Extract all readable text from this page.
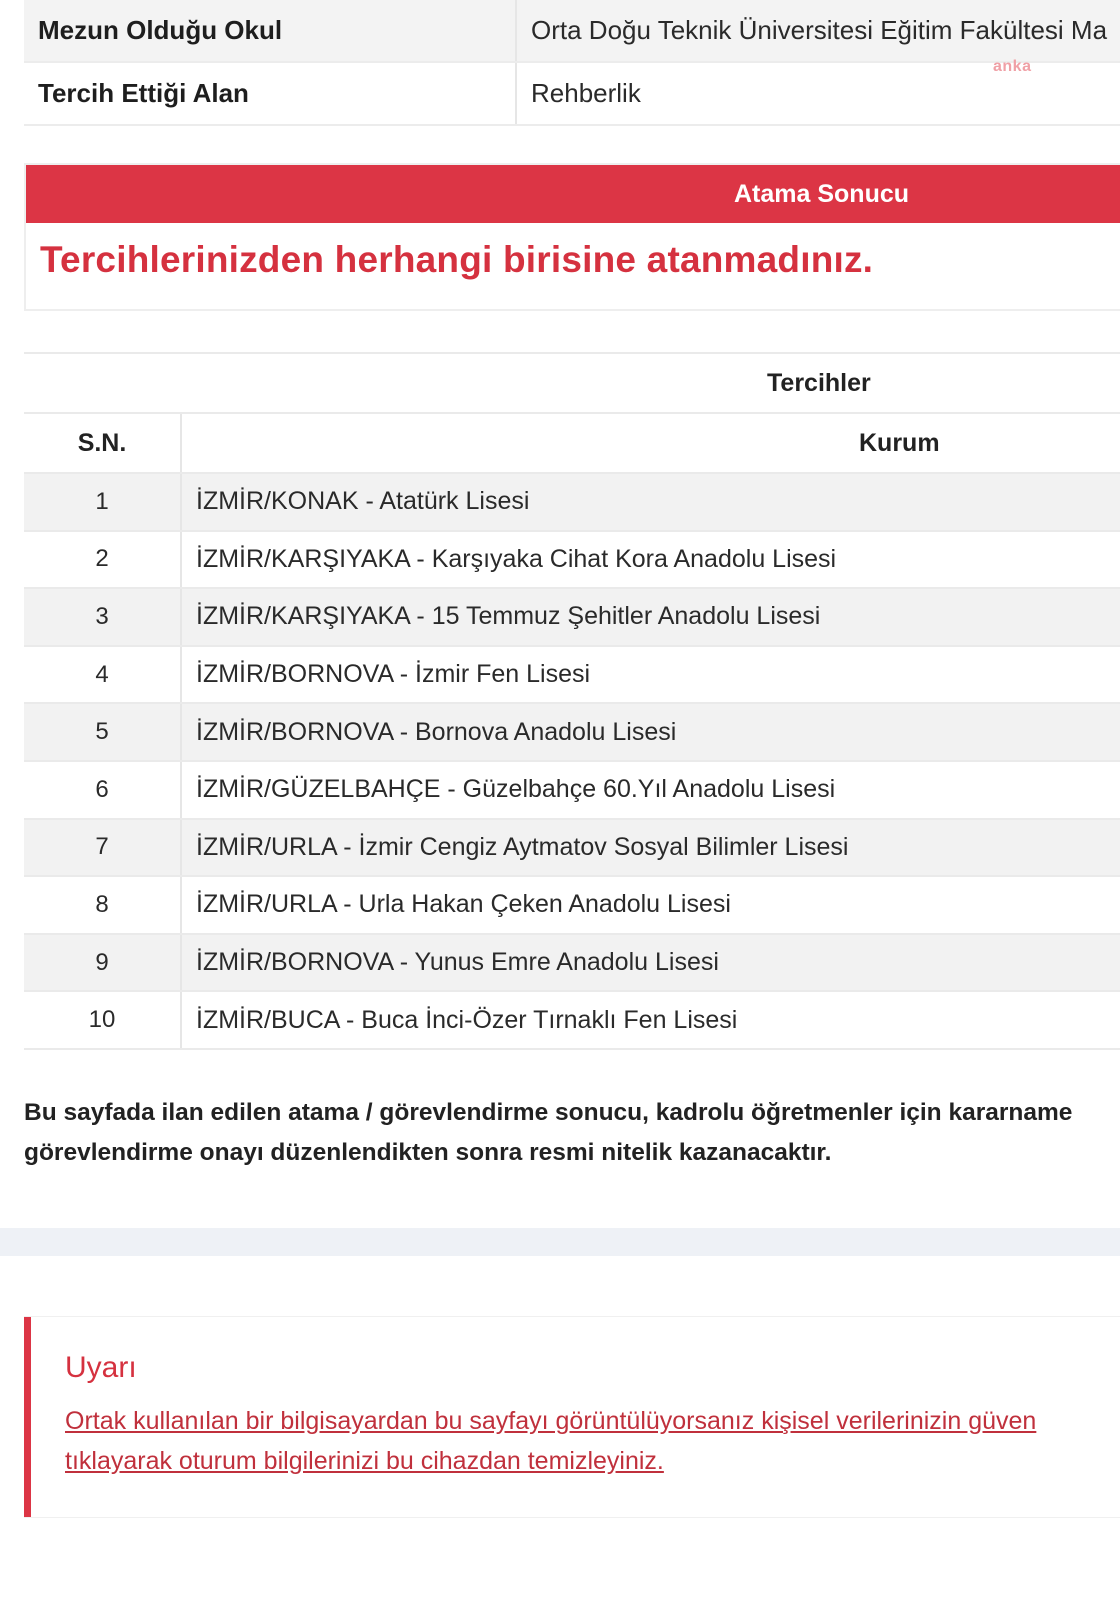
Mezun Olduğu Okul	Orta Doğu Teknik Üniversitesi Eğitim Fakültesi Ma
Tercih Ettiği Alan	Rehberlik
anka
Atama Sonucu
Tercihlerinizden herhangi birisine atanmadınız.
Tercihler
S.N.	Kurum
1	İZMİR/KONAK - Atatürk Lisesi
2	İZMİR/KARŞIYAKA - Karşıyaka Cihat Kora Anadolu Lisesi
3	İZMİR/KARŞIYAKA - 15 Temmuz Şehitler Anadolu Lisesi
4	İZMİR/BORNOVA - İzmir Fen Lisesi
5	İZMİR/BORNOVA - Bornova Anadolu Lisesi
6	İZMİR/GÜZELBAHÇE - Güzelbahçe 60.Yıl Anadolu Lisesi
7	İZMİR/URLA - İzmir Cengiz Aytmatov Sosyal Bilimler Lisesi
8	İZMİR/URLA - Urla Hakan Çeken Anadolu Lisesi
9	İZMİR/BORNOVA - Yunus Emre Anadolu Lisesi
10	İZMİR/BUCA - Buca İnci-Özer Tırnaklı Fen Lisesi
Bu sayfada ilan edilen atama / görevlendirme sonucu, kadrolu öğretmenler için kararname
görevlendirme onayı düzenlendikten sonra resmi nitelik kazanacaktır.
Uyarı
Ortak kullanılan bir bilgisayardan bu sayfayı görüntülüyorsanız kişisel verilerinizin güven
tıklayarak oturum bilgilerinizi bu cihazdan temizleyiniz.
